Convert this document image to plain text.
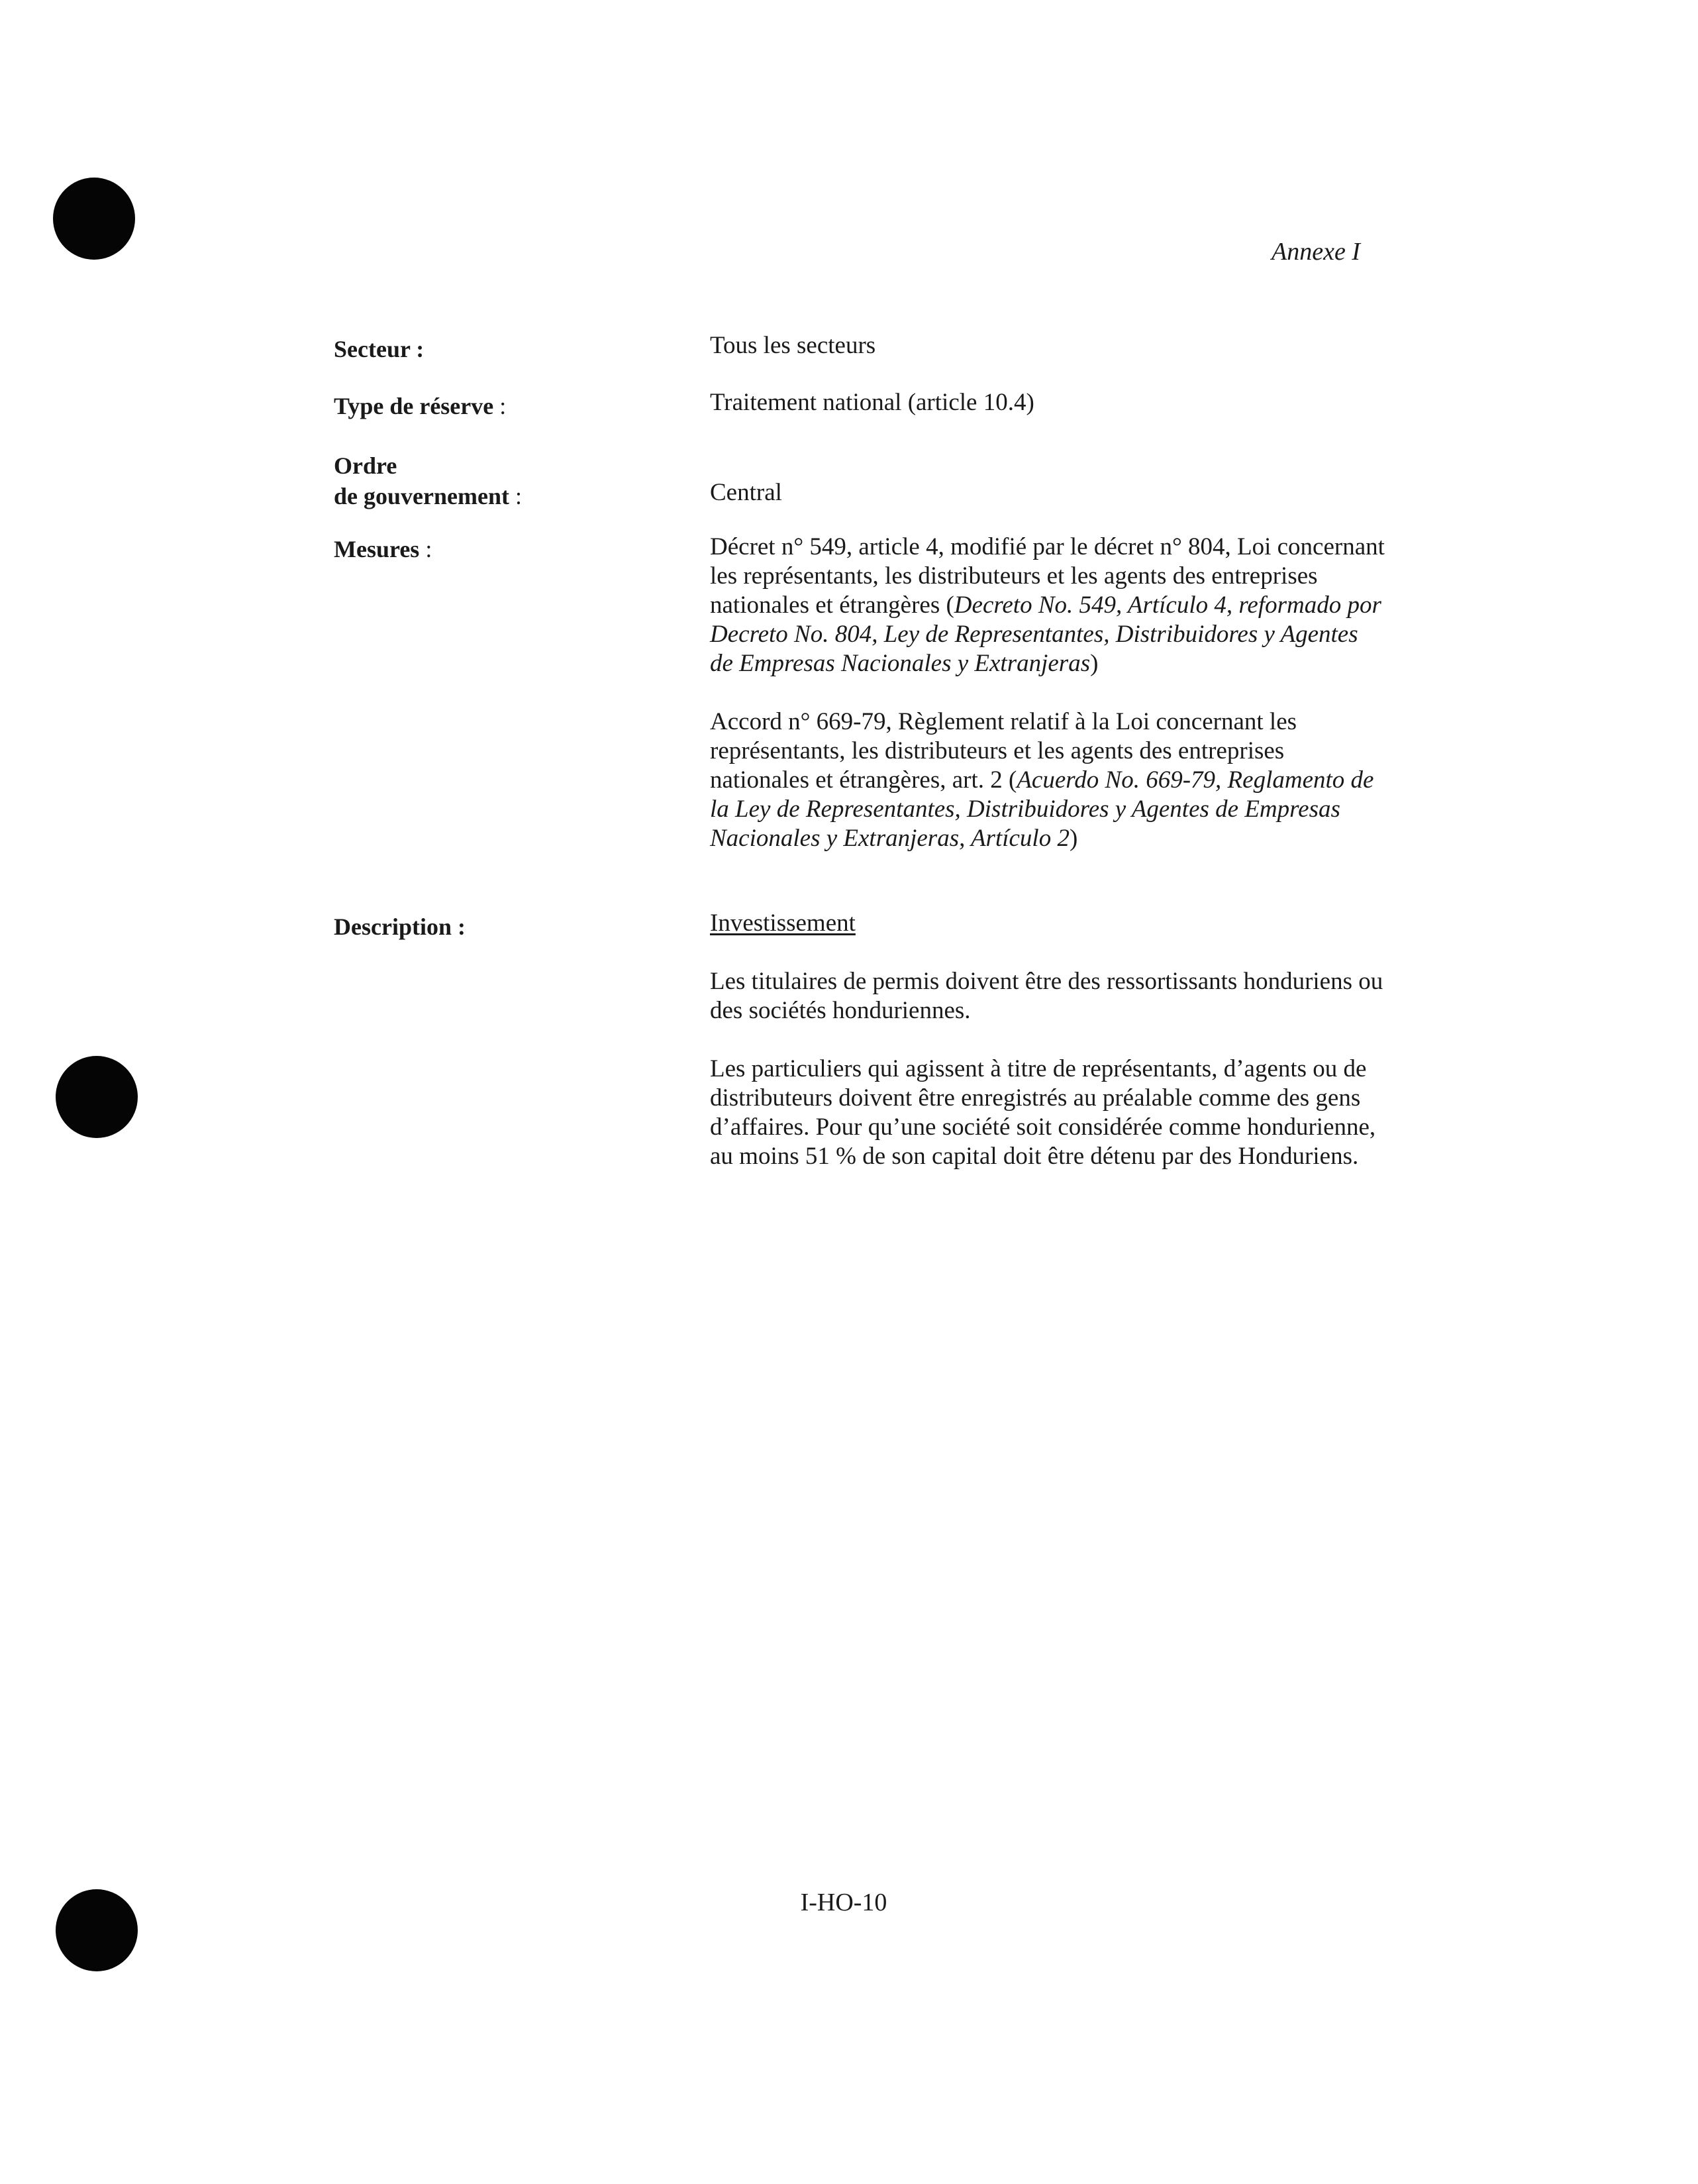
Annexe I
Secteur :	Tous les secteurs
Type de réserve :	Traitement national (article 10.4)
Ordre
de gouvernement :	Central
Mesures :	Décret n° 549, article 4, modifié par le décret n° 804, Loi concernant les représentants, les distributeurs et les agents des entreprises nationales et étrangères (Decreto No. 549, Artículo 4, reformado por Decreto No. 804, Ley de Representantes, Distribuidores y Agentes de Empresas Nacionales y Extranjeras)

Accord n° 669-79, Règlement relatif à la Loi concernant les représentants, les distributeurs et les agents des entreprises nationales et étrangères, art. 2 (Acuerdo No. 669-79, Reglamento de la Ley de Representantes, Distribuidores y Agentes de Empresas Nacionales y Extranjeras, Artículo 2)

Description :	Investissement

Les titulaires de permis doivent être des ressortissants honduriens ou des sociétés honduriennes.

Les particuliers qui agissent à titre de représentants, d’agents ou de distributeurs doivent être enregistrés au préalable comme des gens d’affaires. Pour qu’une société soit considérée comme hondurienne, au moins 51 % de son capital doit être détenu par des Honduriens.

I-HO-10
